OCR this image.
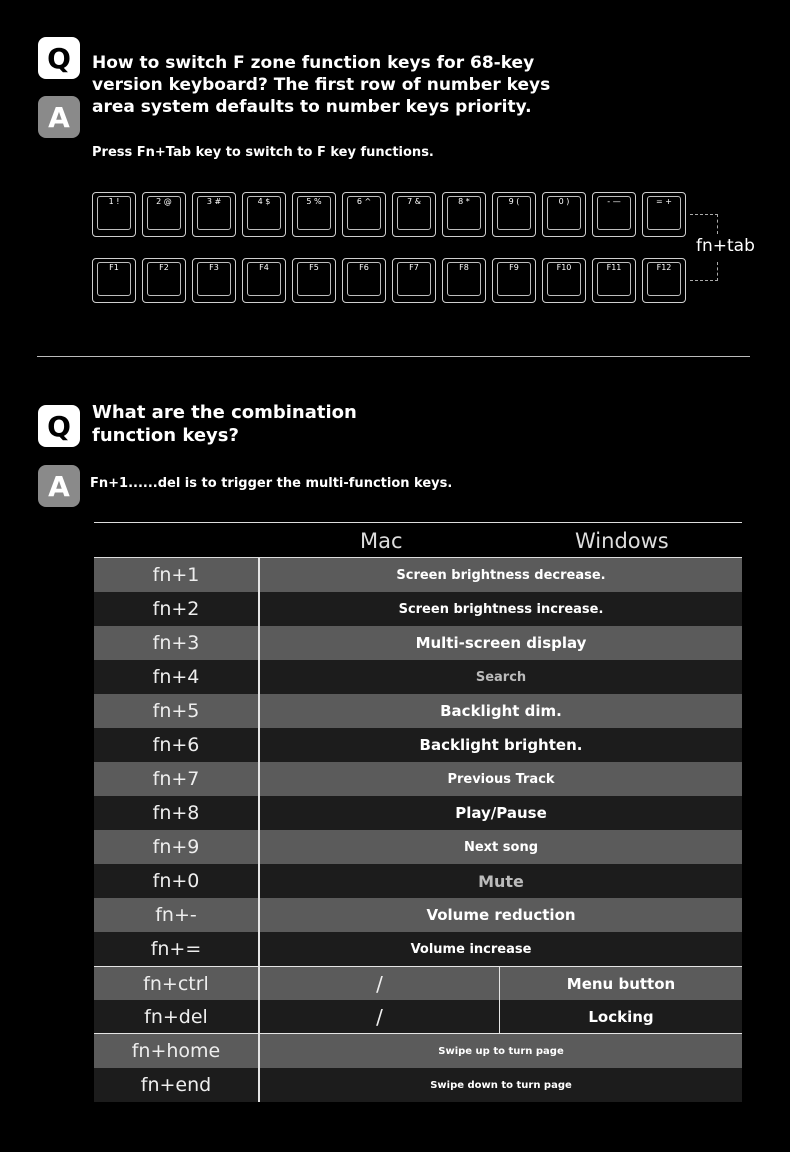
Q
A
How to switch F zone function keys for 68-key
version keyboard? The first row of number keys
area system defaults to number keys priority.
Press Fn+Tab key to switch to F key functions.
1 !	2 @	3 #	4 $	5 %	6 ^	7 &	8 *	9 (	0 )	- —	= +
F1	F2	F3	F4	F5	F6	F7	F8	F9	F10	F11	F12
fn+tab
Q
A
What are the combination
function keys?
Fn+1......del is to trigger the multi-function keys.
Mac	Windows
fn+1	Screen brightness decrease.
fn+2	Screen brightness increase.
fn+3	Multi-screen display
fn+4	Search
fn+5	Backlight dim.
fn+6	Backlight brighten.
fn+7	Previous Track
fn+8	Play/Pause
fn+9	Next song
fn+0	Mute
fn+-	Volume reduction
fn+=	Volume increase
fn+ctrl	/	Menu button
fn+del	/	Locking
fn+home	Swipe up to turn page
fn+end	Swipe down to turn page
